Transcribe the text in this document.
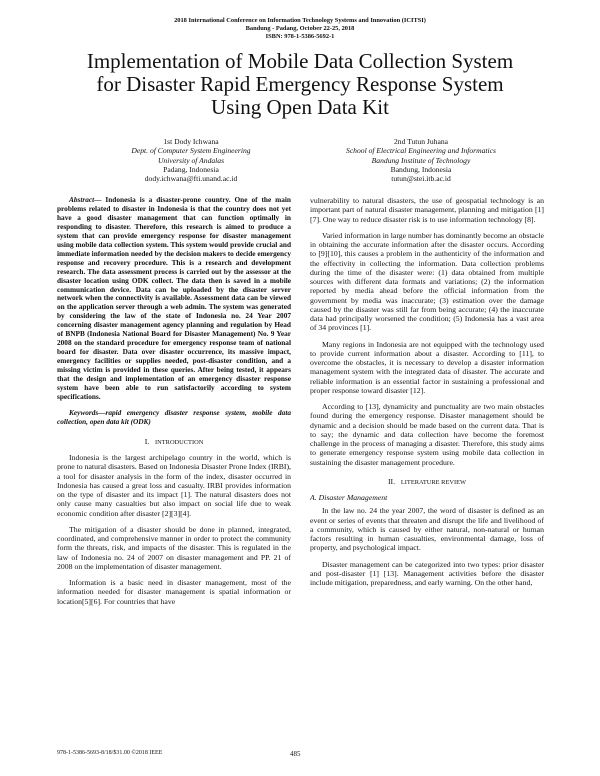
2018 International Conference on Information Technology Systems and Innovation (ICITSI)
Bandung - Padang, October 22-25, 2018
ISBN: 978-1-5386-5692-1
Implementation of Mobile Data Collection System
for Disaster Rapid Emergency Response System
Using Open Data Kit
1st Dody Ichwana
Dept. of Computer System Engineering
University of Andalas
Padang, Indonesia
dody.ichwana@fti.unand.ac.id
2nd Tutun Juhana
School of Electrical Engineering and Informatics
Bandung Institute of Technology
Bandung, Indonesia
tutun@stei.itb.ac.id

Abstract— Indonesia is a disaster-prone country. One of the main problems related to disaster in Indonesia is that the country does not yet have a good disaster management that can function optimally in responding to disaster. Therefore, this research is aimed to produce a system that can provide emergency response for disaster management using mobile data collection system. This system would provide crucial and immediate information needed by the decision makers to decide emergency response and recovery procedure. This is a research and development research. The data assessment process is carried out by the assessor at the disaster location using ODK collect. The data then is saved in a mobile communication device. Data can be uploaded by the disaster server network when the connectivity is available. Assessment data can be viewed on the application server through a web admin. The system was generated by considering the law of the state of Indonesia no. 24 Year 2007 concerning disaster management agency planning and regulation by Head of BNPB (Indonesia National Board for Disaster Management) No. 9 Year 2008 on the standard procedure for emergency response team of national board for disaster. Data over disaster occurrence, its massive impact, emergency facilities or supplies needed, post-disaster condition, and a missing victim is provided in these queries. After being tested, it appears that the design and implementation of an emergency disaster response system have been able to run satisfactorily according to system specifications.

Keywords—rapid emergency disaster response system, mobile data collection, open data kit (ODK)

I. INTRODUCTION

Indonesia is the largest archipelago country in the world, which is prone to natural disasters. Based on Indonesia Disaster Prone Index (IRBI), a tool for disaster analysis in the form of the index, disaster occurred in Indonesia has caused a great loss and casualty. IRBI provides information on the type of disaster and its impact [1]. The natural disasters does not only cause many casualties but also impact on social life due to weak economic condition after disaster [2][3][4].

The mitigation of a disaster should be done in planned, integrated, coordinated, and comprehensive manner in order to protect the community form the threats, risk, and impacts of the disaster. This is regulated in the law of Indonesia no. 24 of 2007 on disaster management and PP. 21 of 2008 on the implementation of disaster management.

Information is a basic need in disaster management, most of the information needed for disaster management is spatial information or location[5][6]. For countries that have

vulnerability to natural disasters, the use of geospatial technology is an important part of natural disaster management, planning and mitigation [1][7]. One way to reduce disaster risk is to use information technology [8].

Varied information in large number has dominantly become an obstacle in obtaining the accurate information after the disaster occurs. According to [9][10], this causes a problem in the authenticity of the information and the effectivity in collecting the information. Data collection problems during the time of the disaster were: (1) data obtained from multiple sources with different data formats and variations; (2) the information reported by media ahead before the official information from the government by media was inaccurate; (3) estimation over the damage caused by the disaster was still far from being accurate; (4) the inaccurate data had principally worsened the condition; (5) Indonesia has a vast area of 34 provinces [1].

Many regions in Indonesia are not equipped with the technology used to provide current information about a disaster. According to [11], to overcome the obstacles, it is necessary to develop a disaster information management system with the integrated data of disaster. The accurate and reliable information is an essential factor in sustaining a professional and proper response toward disaster [12].

According to [13], dynamicity and punctuality are two main obstacles found during the emergency response. Disaster management should be dynamic and a decision should be made based on the current data. That is to say; the dynamic and data collection have become the foremost challenge in the process of managing a disaster. Therefore, this study aims to generate emergency response system using mobile data collection in sustaining the disaster management procedure.

II. LITERATURE REVIEW

A. Disaster Management

In the law no. 24 the year 2007, the word of disaster is defined as an event or series of events that threaten and disrupt the life and livelihood of a community, which is caused by either natural, non-natural or human factors resulting in human casualties, environmental damage, loss of property, and psychological impact.

Disaster management can be categorized into two types: prior disaster and post-disaster [1] [13]. Management activities before the disaster include mitigation, preparedness, and early warning. On the other hand,

978-1-5386-5693-8/18/$31.00 ©2018 IEEE	485
